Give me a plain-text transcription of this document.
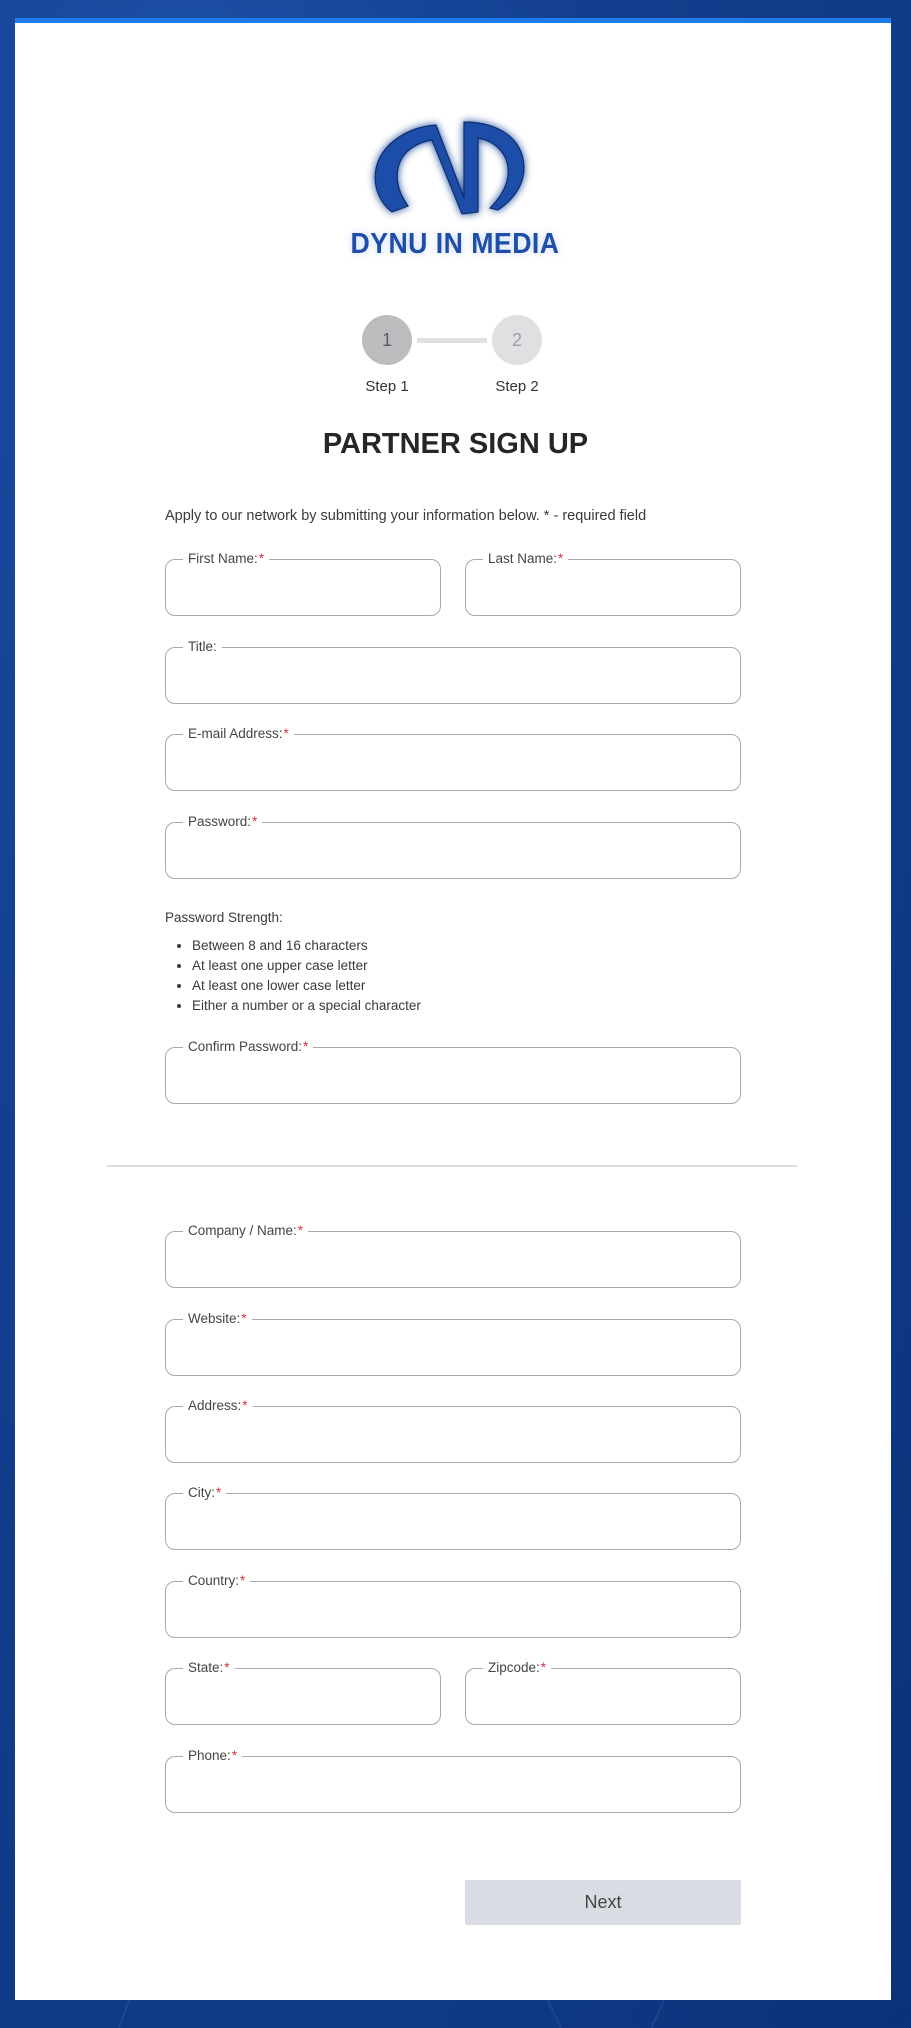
DYNU IN MEDIA
1	2
Step 1	Step 2
PARTNER SIGN UP

Apply to our network by submitting your information below. * - required field

First Name:*	Last Name:*
Title:
E-mail Address:*
Password:*
Password Strength:
• Between 8 and 16 characters
• At least one upper case letter
• At least one lower case letter
• Either a number or a special character
Confirm Password:*
Company / Name:*
Website:*
Address:*
City:*
Country:*
State:*	Zipcode:*
Phone:*
Next
